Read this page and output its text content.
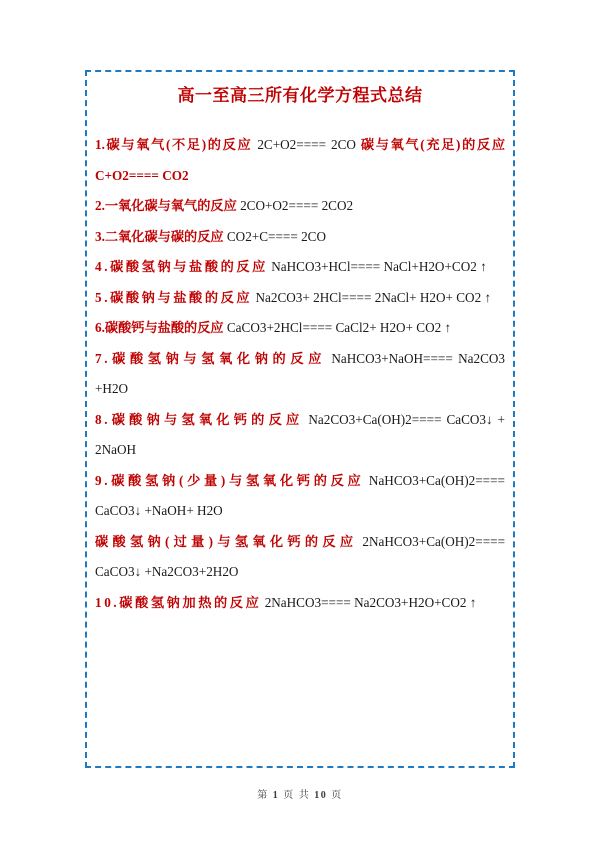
高一至高三所有化学方程式总结
1.碳与氧气(不足)的反应 2C+O2==== 2CO 碳与氧气(充足)的反应 C+O2==== CO2
2.一氧化碳与氧气的反应 2CO+O2==== 2CO2
3.二氧化碳与碳的反应 CO2+C==== 2CO
4.碳酸氢钠与盐酸的反应 NaHCO3+HCl==== NaCl+H2O+CO2 ↑
5.碳酸钠与盐酸的反应 Na2CO3+ 2HCl==== 2NaCl+ H2O+ CO2 ↑
6.碳酸钙与盐酸的反应 CaCO3+2HCl==== CaCl2+ H2O+ CO2 ↑
7.碳酸氢钠与氢氧化钠的反应 NaHCO3+NaOH==== Na2CO3 +H2O
8.碳酸钠与氢氧化钙的反应 Na2CO3+Ca(OH)2==== CaCO3↓ + 2NaOH
9.碳酸氢钠(少量)与氢氧化钙的反应 NaHCO3+Ca(OH)2==== CaCO3↓ +NaOH+ H2O
碳酸氢钠(过量)与氢氧化钙的反应 2NaHCO3+Ca(OH)2==== CaCO3↓ +Na2CO3+2H2O
10.碳酸氢钠加热的反应 2NaHCO3==== Na2CO3+H2O+CO2 ↑
第 1 页 共 10 页
